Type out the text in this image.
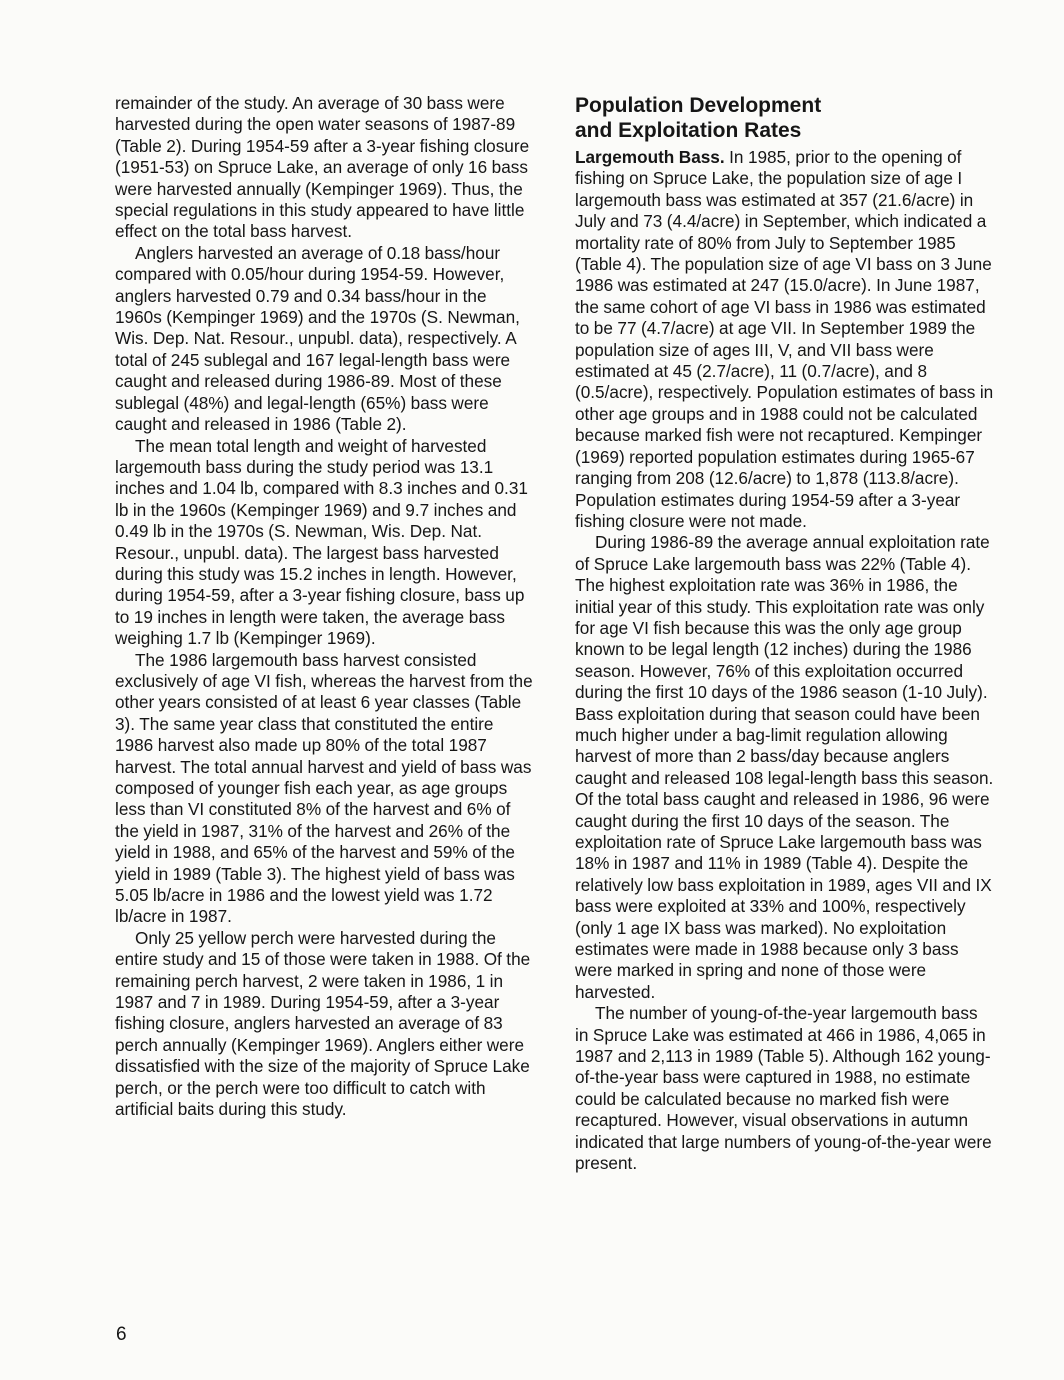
remainder of the study. An average of 30 bass were harvested during the open water seasons of 1987-89 (Table 2). During 1954-59 after a 3-year fishing closure (1951-53) on Spruce Lake, an average of only 16 bass were harvested annually (Kempinger 1969). Thus, the special regulations in this study appeared to have little effect on the total bass harvest.

Anglers harvested an average of 0.18 bass/hour compared with 0.05/hour during 1954-59. However, anglers harvested 0.79 and 0.34 bass/hour in the 1960s (Kempinger 1969) and the 1970s (S. Newman, Wis. Dep. Nat. Resour., unpubl. data), respectively. A total of 245 sublegal and 167 legal-length bass were caught and released during 1986-89. Most of these sublegal (48%) and legal-length (65%) bass were caught and released in 1986 (Table 2).

The mean total length and weight of harvested largemouth bass during the study period was 13.1 inches and 1.04 lb, compared with 8.3 inches and 0.31 lb in the 1960s (Kempinger 1969) and 9.7 inches and 0.49 lb in the 1970s (S. Newman, Wis. Dep. Nat. Resour., unpubl. data). The largest bass harvested during this study was 15.2 inches in length. However, during 1954-59, after a 3-year fishing closure, bass up to 19 inches in length were taken, the average bass weighing 1.7 lb (Kempinger 1969).

The 1986 largemouth bass harvest consisted exclusively of age VI fish, whereas the harvest from the other years consisted of at least 6 year classes (Table 3). The same year class that constituted the entire 1986 harvest also made up 80% of the total 1987 harvest. The total annual harvest and yield of bass was composed of younger fish each year, as age groups less than VI constituted 8% of the harvest and 6% of the yield in 1987, 31% of the harvest and 26% of the yield in 1988, and 65% of the harvest and 59% of the yield in 1989 (Table 3). The highest yield of bass was 5.05 lb/acre in 1986 and the lowest yield was 1.72 lb/acre in 1987.

Only 25 yellow perch were harvested during the entire study and 15 of those were taken in 1988. Of the remaining perch harvest, 2 were taken in 1986, 1 in 1987 and 7 in 1989. During 1954-59, after a 3-year fishing closure, anglers harvested an average of 83 perch annually (Kempinger 1969). Anglers either were dissatisfied with the size of the majority of Spruce Lake perch, or the perch were too difficult to catch with artificial baits during this study.

Population Development
and Exploitation Rates

Largemouth Bass. In 1985, prior to the opening of fishing on Spruce Lake, the population size of age I largemouth bass was estimated at 357 (21.6/acre) in July and 73 (4.4/acre) in September, which indicated a mortality rate of 80% from July to September 1985 (Table 4). The population size of age VI bass on 3 June 1986 was estimated at 247 (15.0/acre). In June 1987, the same cohort of age VI bass in 1986 was estimated to be 77 (4.7/acre) at age VII. In September 1989 the population size of ages III, V, and VII bass were estimated at 45 (2.7/acre), 11 (0.7/acre), and 8 (0.5/acre), respectively. Population estimates of bass in other age groups and in 1988 could not be calculated because marked fish were not recaptured. Kempinger (1969) reported population estimates during 1965-67 ranging from 208 (12.6/acre) to 1,878 (113.8/acre). Population estimates during 1954-59 after a 3-year fishing closure were not made.

During 1986-89 the average annual exploitation rate of Spruce Lake largemouth bass was 22% (Table 4). The highest exploitation rate was 36% in 1986, the initial year of this study. This exploitation rate was only for age VI fish because this was the only age group known to be legal length (12 inches) during the 1986 season. However, 76% of this exploitation occurred during the first 10 days of the 1986 season (1-10 July). Bass exploitation during that season could have been much higher under a bag-limit regulation allowing harvest of more than 2 bass/day because anglers caught and released 108 legal-length bass this season. Of the total bass caught and released in 1986, 96 were caught during the first 10 days of the season. The exploitation rate of Spruce Lake largemouth bass was 18% in 1987 and 11% in 1989 (Table 4). Despite the relatively low bass exploitation in 1989, ages VII and IX bass were exploited at 33% and 100%, respectively (only 1 age IX bass was marked). No exploitation estimates were made in 1988 because only 3 bass were marked in spring and none of those were harvested.

The number of young-of-the-year largemouth bass in Spruce Lake was estimated at 466 in 1986, 4,065 in 1987 and 2,113 in 1989 (Table 5). Although 162 young-of-the-year bass were captured in 1988, no estimate could be calculated because no marked fish were recaptured. However, visual observations in autumn indicated that large numbers of young-of-the-year were present.

6
